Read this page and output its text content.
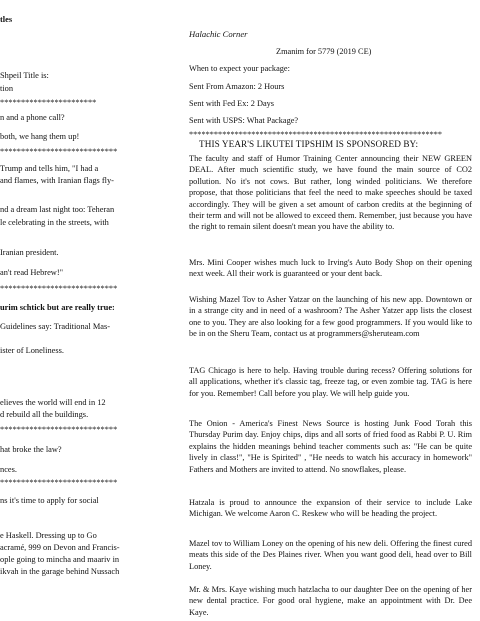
tles
Shpeil Title is:
tion
***********************
n and a phone call?
both, we hang them up!
****************************
Trump and tells him, "I had a
and flames, with Iranian flags fly-
nd a dream last night too: Teheran
le celebrating in the streets, with
Iranian president.
an't read Hebrew!"
****************************
urim schtick but are really true:
Guidelines say: Traditional Mas-
ister of Loneliness.
elieves the world will end in 12
d rebuild all the buildings.
****************************
hat broke the law?
nces.
****************************
ns it's time to apply for social
e Haskell. Dressing up to Go
acramé, 999 on Devon and Francis-
ople going to mincha and maariv in
ikvah in the garage behind Nussach
Halachic Corner
Zmanim for 5779 (2019 CE)
When to expect your package:
Sent From Amazon: 2 Hours
Sent with Fed Ex: 2 Days
Sent with USPS: What Package?
*************************************************************
THIS YEAR'S LIKUTEI TIPSHIM IS SPONSORED BY:

The faculty and staff of Humor Training Center announcing their NEW GREEN DEAL. After much scientific study, we have found the main source of CO2 pollution. No it's not cows. But rather, long winded politicians. We therefore propose, that those politicians that feel the need to make speeches should be taxed accordingly. They will be given a set amount of carbon credits at the beginning of their term and will not be allowed to exceed them. Remember, just because you have the right to remain silent doesn't mean you have the ability to.

Mrs. Mini Cooper wishes much luck to Irving's Auto Body Shop on their opening next week. All their work is guaranteed or your dent back.

Wishing Mazel Tov to Asher Yatzar on the launching of his new app. Downtown or in a strange city and in need of a washroom? The Asher Yatzer app lists the closest one to you. They are also looking for a few good programmers. If you would like to be in on the Sheru Team, contact us at programmers@sheruteam.com

TAG Chicago is here to help. Having trouble during recess? Offering solutions for all applications, whether it's classic tag, freeze tag, or even zombie tag. TAG is here for you. Remember! Call before you play. We will help guide you.

The Onion - America's Finest News Source is hosting Junk Food Torah this Thursday Purim day. Enjoy chips, dips and all sorts of fried food as Rabbi P. U. Rim explains the hidden meanings behind teacher comments such as: "He can be quite lively in class!", "He is Spirited" , "He needs to watch his accuracy in homework" Fathers and Mothers are invited to attend. No snowflakes, please.

Hatzala is proud to announce the expansion of their service to include Lake Michigan. We welcome Aaron C. Reskew who will be heading the project.

Mazel tov to William Loney on the opening of his new deli. Offering the finest cured meats this side of the Des Plaines river. When you want good deli, head over to Bill Loney.

Mr. & Mrs. Kaye wishing much hatzlacha to our daughter Dee on the opening of her new dental practice. For good oral hygiene, make an appointment with Dr. Dee Kaye.
